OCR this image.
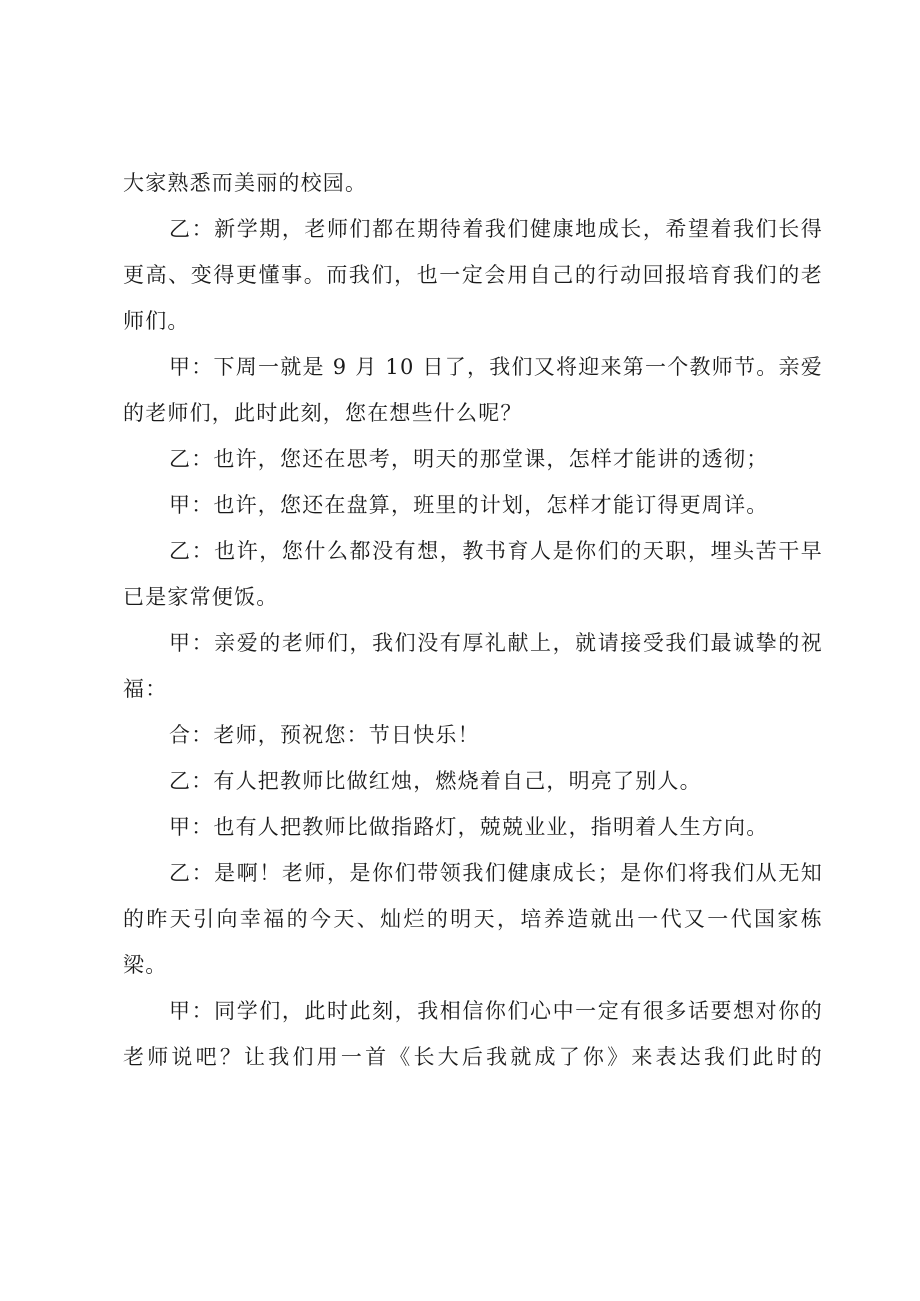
大家熟悉而美丽的校园。

乙：新学期，老师们都在期待着我们健康地成长，希望着我们长得更高、变得更懂事。而我们，也一定会用自己的行动回报培育我们的老师们。

甲：下周一就是 9 月 10 日了，我们又将迎来第一个教师节。亲爱的老师们，此时此刻，您在想些什么呢？

乙：也许，您还在思考，明天的那堂课，怎样才能讲的透彻；

甲：也许，您还在盘算，班里的计划，怎样才能订得更周详。

乙：也许，您什么都没有想，教书育人是你们的天职，埋头苦干早已是家常便饭。

甲：亲爱的老师们，我们没有厚礼献上，就请接受我们最诚挚的祝福：

合：老师，预祝您：节日快乐！

乙：有人把教师比做红烛，燃烧着自己，明亮了别人。

甲：也有人把教师比做指路灯，兢兢业业，指明着人生方向。

乙：是啊！老师，是你们带领我们健康成长；是你们将我们从无知的昨天引向幸福的今天、灿烂的明天，培养造就出一代又一代国家栋梁。

甲：同学们，此时此刻，我相信你们心中一定有很多话要想对你的老师说吧？让我们用一首《长大后我就成了你》来表达我们此时的
